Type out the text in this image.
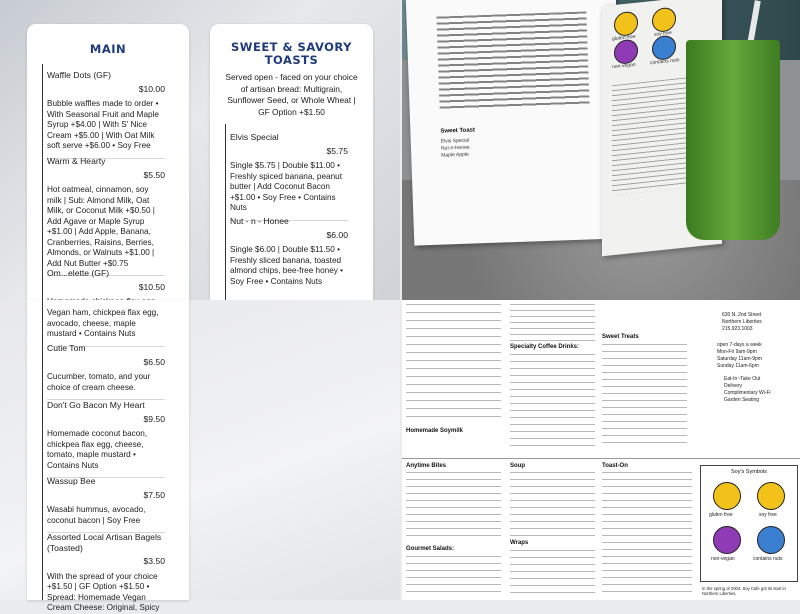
MAIN
Waffle Dots (GF)
$10.00
Bubble waffles made to order • With Seasonal Fruit and Maple Syrup +$4.00 | With S' Nice Cream +$5.00 | With Oat Milk soft serve +$6.00 • Soy Free
Warm & Hearty
$5.50
Hot oatmeal, cinnamon, soy milk | Sub: Almond Milk, Oat Milk, or Coconut Milk +$0.50 | Add Agave or Maple Syrup +$1.00 | Add Apple, Banana, Cranberries, Raisins, Berries, Almonds, or Walnuts +$1.00 | Add Nut Butter +$0.75
Om...elette (GF)
$10.50
SWEET & SAVORY TOASTS
Served open - faced on your choice of artisan bread: Multigrain, Sunflower Seed, or Whole Wheat | GF Option +$1.50
Elvis Special
$5.75
Single $5.75 | Double $11.00 • Freshly spiced banana, peanut butter | Add Coconut Bacon +$1.00 • Soy Free • Contains Nuts
Nut - n - Honee
$6.00
Single $6.00 | Double $11.50 • Freshly sliced banana, toasted almond chips, bee-free honey • Soy Free • Contains Nuts
Vegan ham, chickpea flax egg, avocado, cheese, maple mustard • Contains Nuts
Cutie Tom
$6.50
Cucumber, tomato, and your choice of cream cheese.
Don't Go Bacon My Heart
$9.50
Homemade coconut bacon, chickpea flax egg, cheese, tomato, maple mustard • Contains Nuts
Wassup Bee
$7.50
Wasabi hummus, avocado, coconut bacon | Soy Free
Assorted Local Artisan Bagels (Toasted)
$3.50
With the spread of your choice +$1.50 | GF Option +$1.50 • Spread: Homemade Vegan Cream Cheese: Original, Spicy
Sweet Toast
Elvis Special
Nut-n-Honee
Maple Apple
gluten free	soy free
non-vegan	contains nuts
Homemade Soymilk
Specialty Coffee Drinks:
Sweet Treats
630 N. 2nd Street
Northern Liberties
215.923.1003
open 7-days a week
Mon-Fri 9am-9pm
Saturday 11am-9pm
Sunday 11am-6pm
Eat-In~Take Out
Delivery
Complimentary Wi-Fi
Garden Seating
Anytime Bites
Gourmet Salads:
Soup
Wraps
Toast-On
Soy's Symbols
gluten free	soy free
non-vegan	contains nuts
In the spring of 2004, Soy Cafe got its start in Northern Liberties.
